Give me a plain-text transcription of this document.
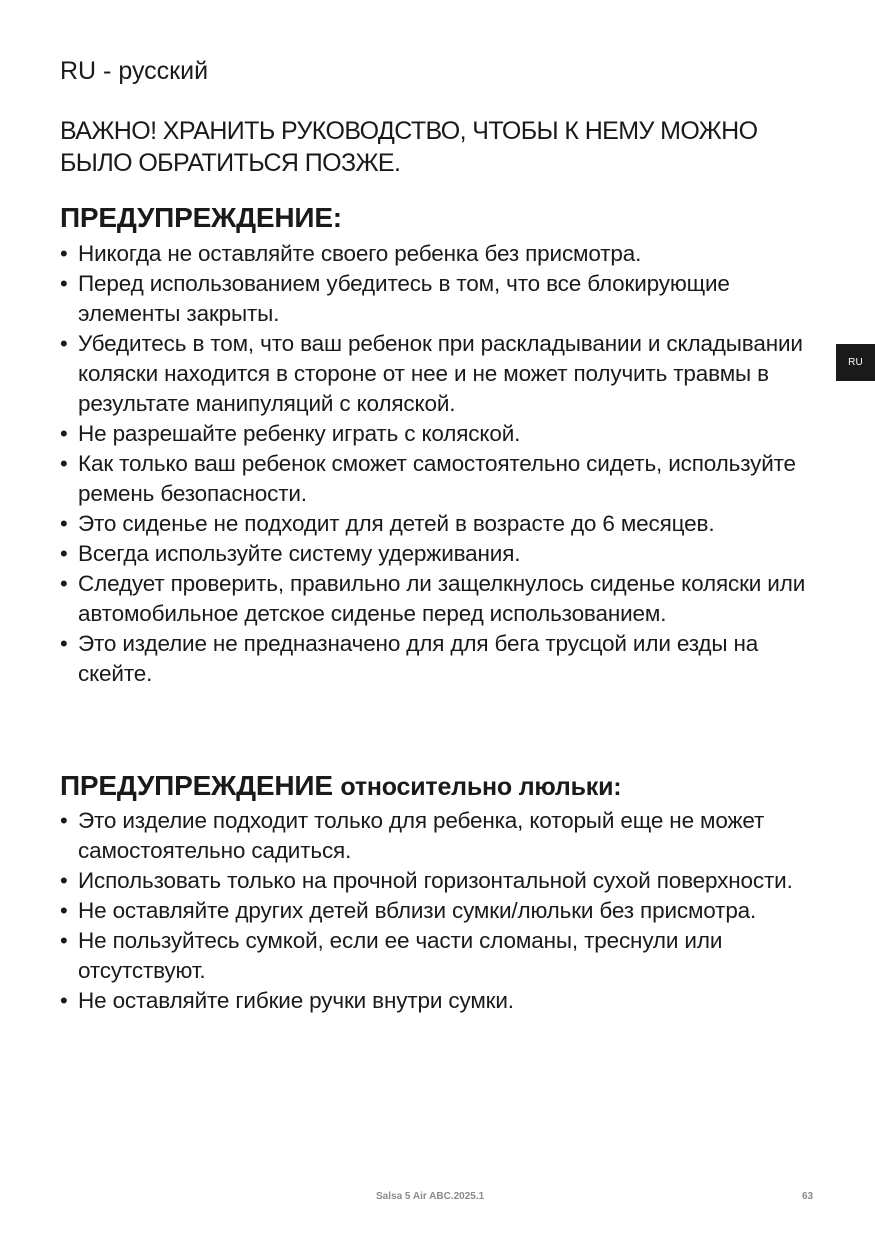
RU - русский

ВАЖНО! ХРАНИТЬ РУКОВОДСТВО, ЧТОБЫ К НЕМУ МОЖНО БЫЛО ОБРАТИТЬСЯ ПОЗЖЕ.

RU
ПРЕДУПРЕЖДЕНИЕ:
• Никогда не оставляйте своего ребенка без присмотра.
• Перед использованием убедитесь в том, что все блокирующие элементы закрыты.
• Убедитесь в том, что ваш ребенок при раскладывании и складывании коляски находится в стороне от нее и не может получить травмы в результате манипуляций с коляской.
• Не разрешайте ребенку играть с коляской.
• Как только ваш ребенок сможет самостоятельно сидеть, используйте ремень безопасности.
• Это сиденье не подходит для детей в возрасте до 6 месяцев.
• Всегда используйте систему удерживания.
• Следует проверить, правильно ли защелкнулось сиденье коляски или автомобильное детское сиденье перед использованием.
• Это изделие не предназначено для для бега трусцой или езды на скейте.
ПРЕДУПРЕЖДЕНИЕ относительно люльки:
• Это изделие подходит только для ребенка, который еще не может самостоятельно садиться.
• Использовать только на прочной горизонтальной сухой поверхности.
• Не оставляйте других детей вблизи сумки/люльки без присмотра.
• Не пользуйтесь сумкой, если ее части сломаны, треснули или отсутствуют.
• Не оставляйте гибкие ручки внутри сумки.
Salsa 5 Air ABC.2025.1	63
